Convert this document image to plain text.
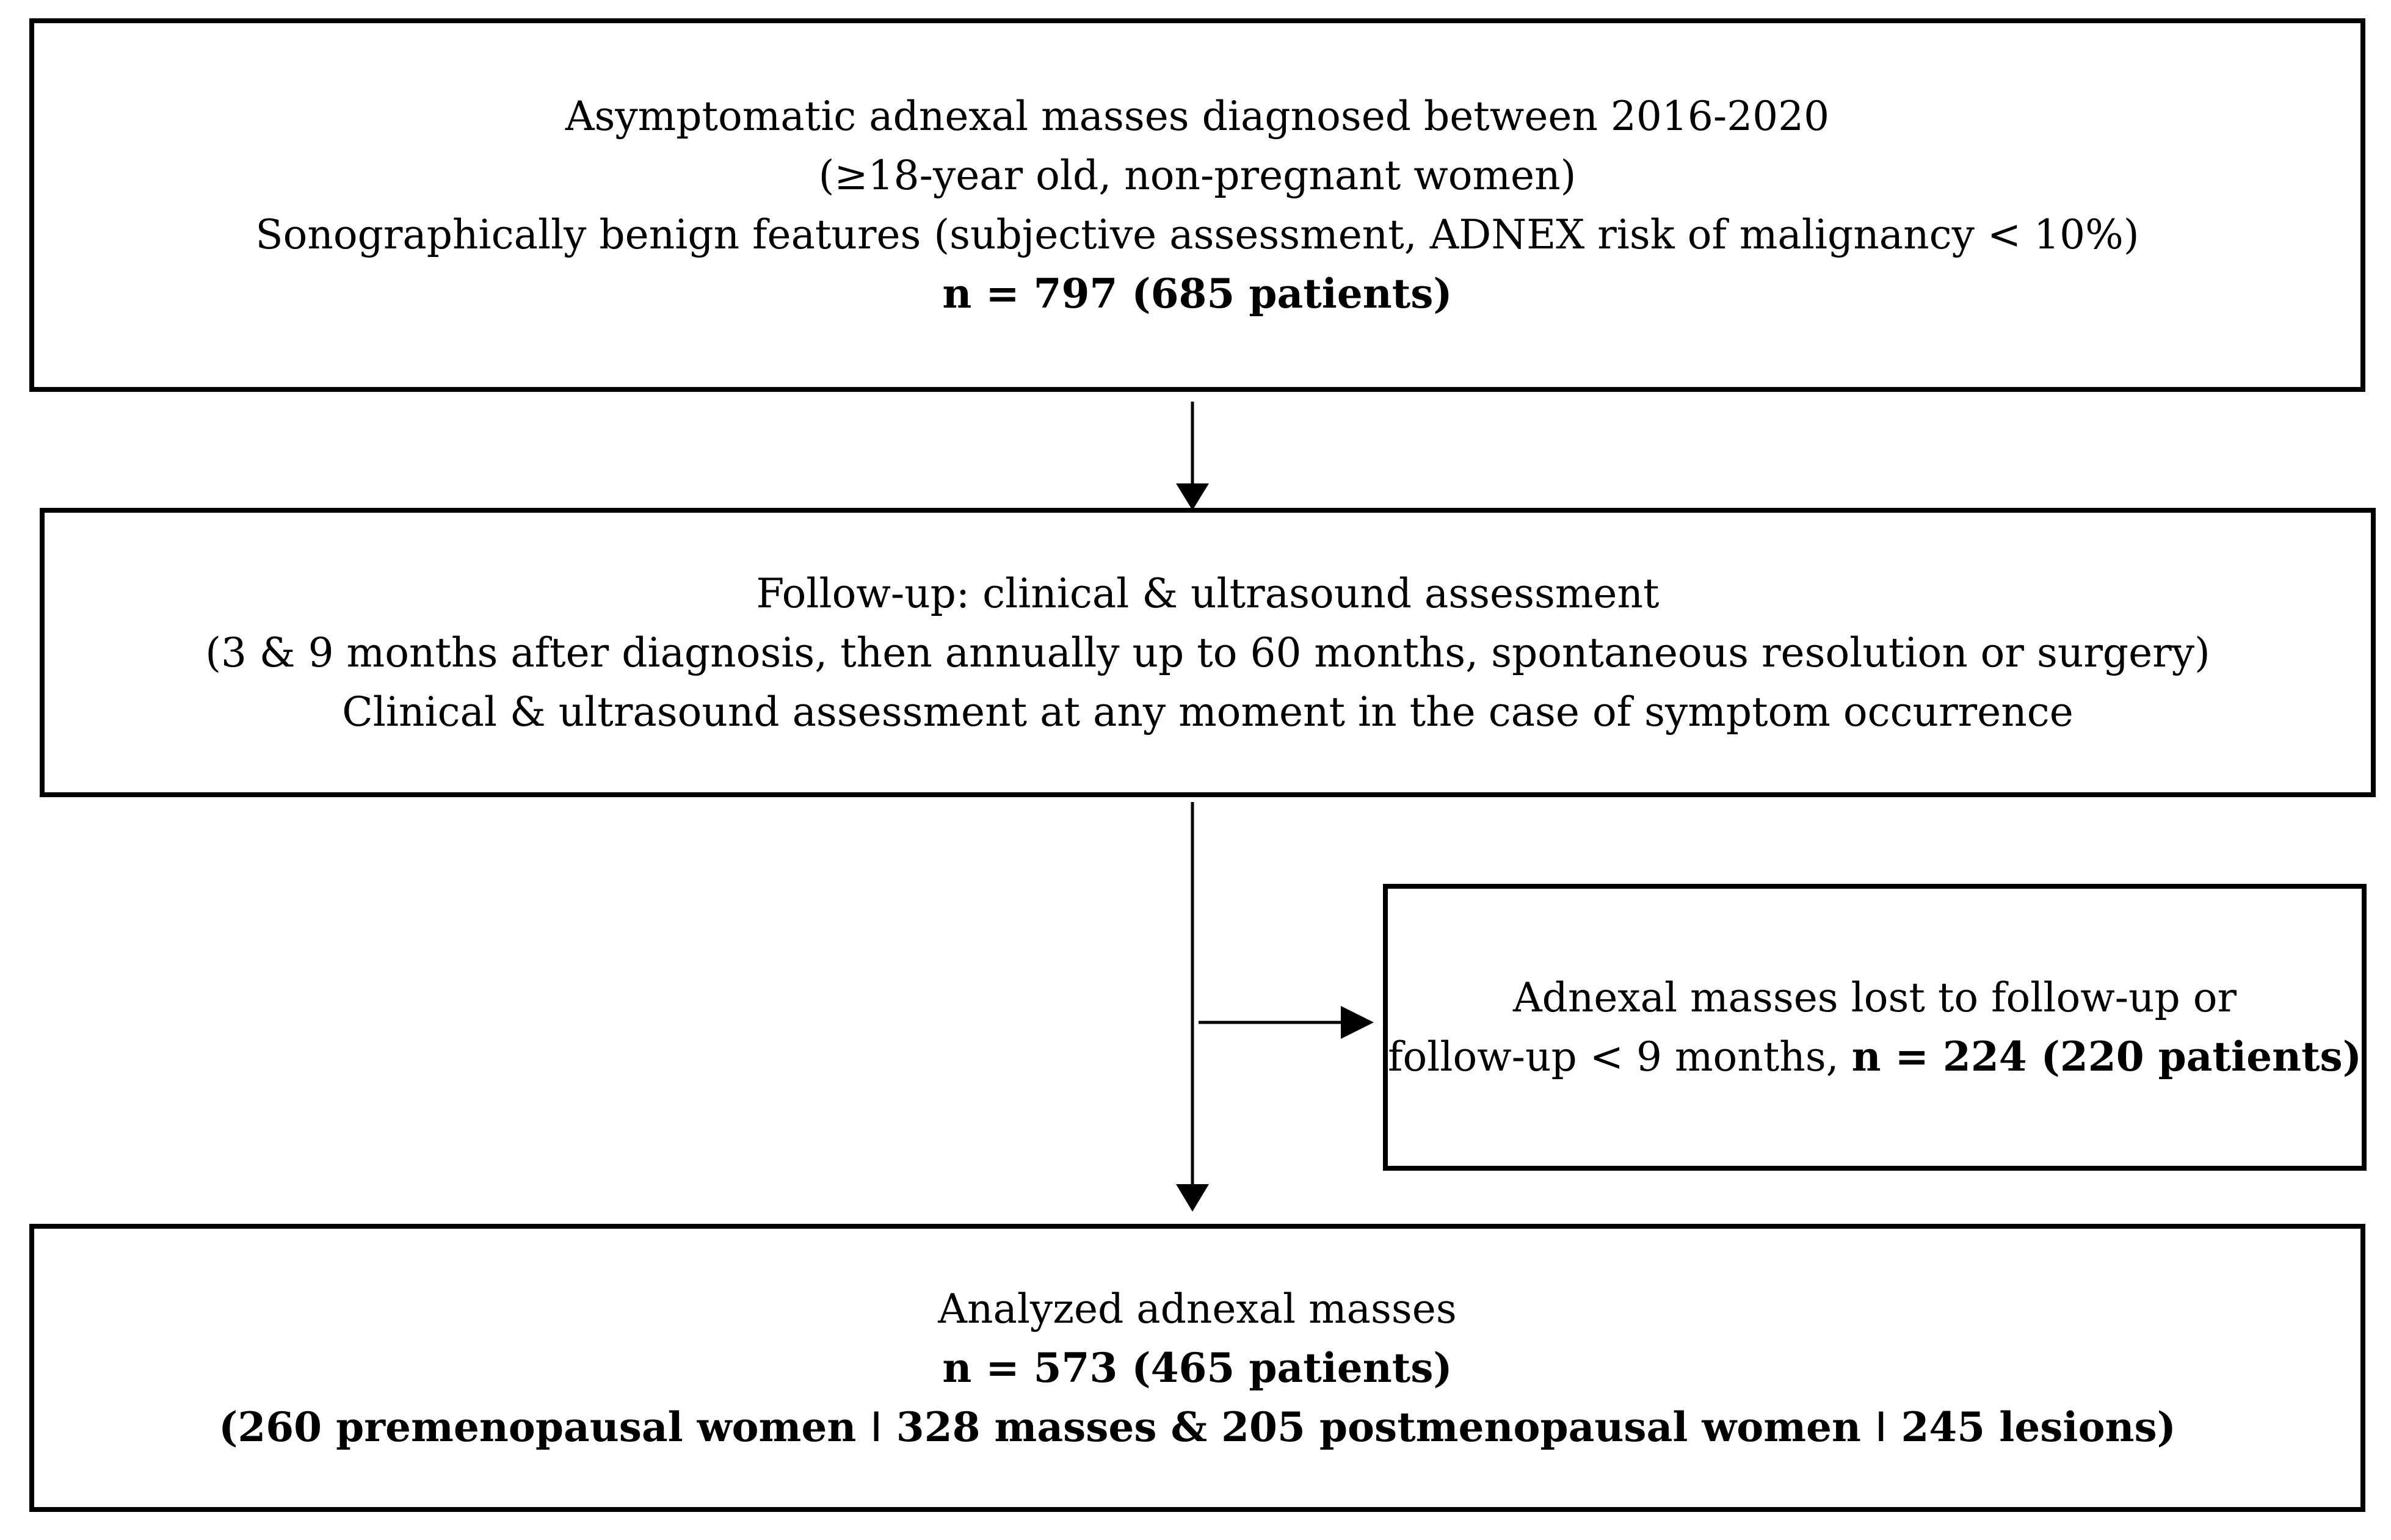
Asymptomatic adnexal masses diagnosed between 2016-2020
(≥18-year old, non-pregnant women)
Sonographically benign features (subjective assessment, ADNEX risk of malignancy < 10%)
n = 797 (685 patients)
Follow-up: clinical & ultrasound assessment
(3 & 9 months after diagnosis, then annually up to 60 months, spontaneous resolution or surgery)
Clinical & ultrasound assessment at any moment in the case of symptom occurrence
Adnexal masses lost to follow-up or
follow-up < 9 months, n = 224 (220 patients)
Analyzed adnexal masses
n = 573 (465 patients)
(260 premenopausal women ǀ 328 masses & 205 postmenopausal women ǀ 245 lesions)
